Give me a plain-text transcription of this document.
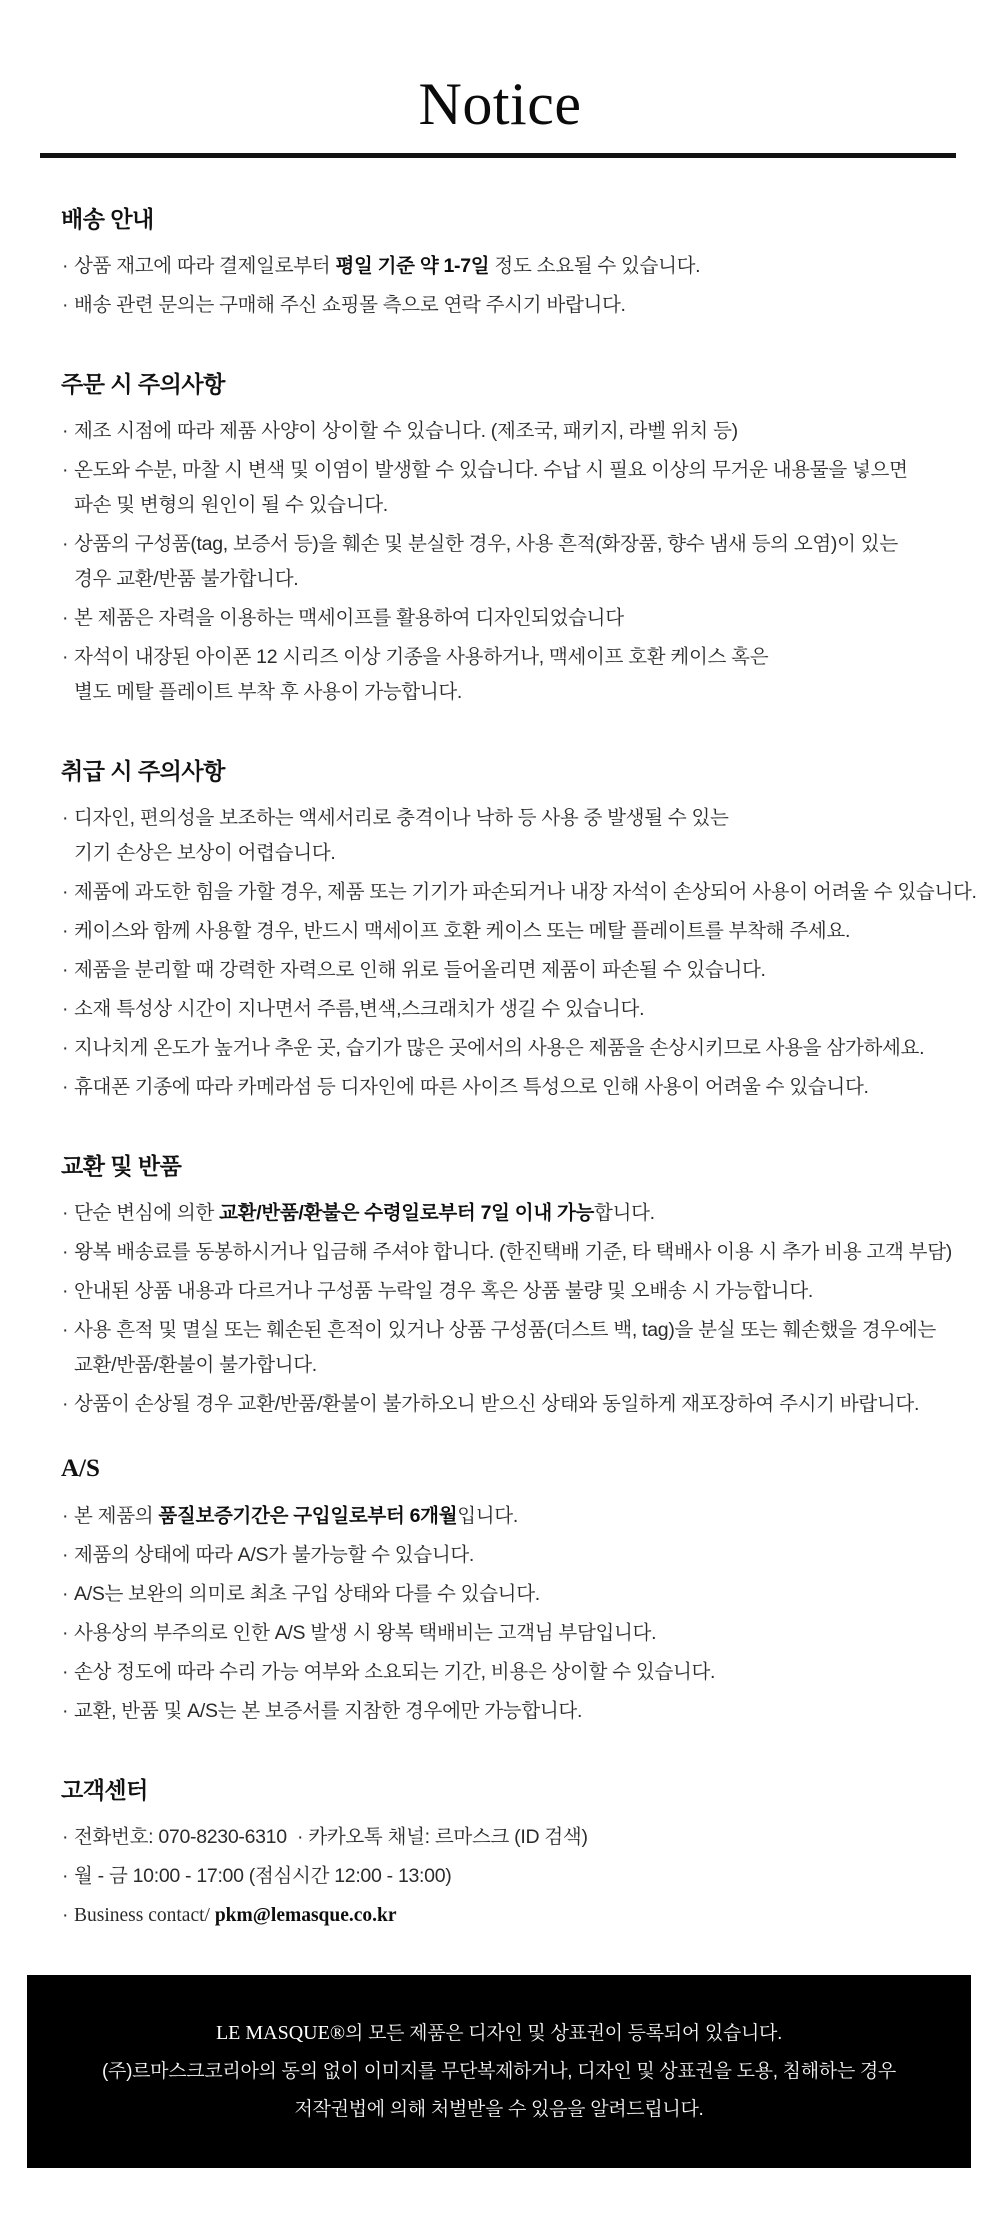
Notice
배송 안내
· 상품 재고에 따라 결제일로부터 평일 기준 약 1-7일 정도 소요될 수 있습니다.
· 배송 관련 문의는 구매해 주신 쇼핑몰 측으로 연락 주시기 바랍니다.
주문 시 주의사항
· 제조 시점에 따라 제품 사양이 상이할 수 있습니다. (제조국, 패키지, 라벨 위치 등)
· 온도와 수분, 마찰 시 변색 및 이염이 발생할 수 있습니다. 수납 시 필요 이상의 무거운 내용물을 넣으면
파손 및 변형의 원인이 될 수 있습니다.
· 상품의 구성품(tag, 보증서 등)을 훼손 및 분실한 경우, 사용 흔적(화장품, 향수 냄새 등의 오염)이 있는
경우 교환/반품 불가합니다.
· 본 제품은 자력을 이용하는 맥세이프를 활용하여 디자인되었습니다
· 자석이 내장된 아이폰 12 시리즈 이상 기종을 사용하거나, 맥세이프 호환 케이스 혹은
별도 메탈 플레이트 부착 후 사용이 가능합니다.
취급 시 주의사항
· 디자인, 편의성을 보조하는 액세서리로 충격이나 낙하 등 사용 중 발생될 수 있는
기기 손상은 보상이 어렵습니다.
· 제품에 과도한 힘을 가할 경우, 제품 또는 기기가 파손되거나 내장 자석이 손상되어 사용이 어려울 수 있습니다.
· 케이스와 함께 사용할 경우, 반드시 맥세이프 호환 케이스 또는 메탈 플레이트를 부착해 주세요.
· 제품을 분리할 때 강력한 자력으로 인해 위로 들어올리면 제품이 파손될 수 있습니다.
· 소재 특성상 시간이 지나면서 주름,변색,스크래치가 생길 수 있습니다.
· 지나치게 온도가 높거나 추운 곳, 습기가 많은 곳에서의 사용은 제품을 손상시키므로 사용을 삼가하세요.
· 휴대폰 기종에 따라 카메라섬 등 디자인에 따른 사이즈 특성으로 인해 사용이 어려울 수 있습니다.
교환 및 반품
· 단순 변심에 의한 교환/반품/환불은 수령일로부터 7일 이내 가능합니다.
· 왕복 배송료를 동봉하시거나 입금해 주셔야 합니다. (한진택배 기준, 타 택배사 이용 시 추가 비용 고객 부담)
· 안내된 상품 내용과 다르거나 구성품 누락일 경우 혹은 상품 불량 및 오배송 시 가능합니다.
· 사용 흔적 및 멸실 또는 훼손된 흔적이 있거나 상품 구성품(더스트 백, tag)을 분실 또는 훼손했을 경우에는
교환/반품/환불이 불가합니다.
· 상품이 손상될 경우 교환/반품/환불이 불가하오니 받으신 상태와 동일하게 재포장하여 주시기 바랍니다.
A/S
· 본 제품의 품질보증기간은 구입일로부터 6개월입니다.
· 제품의 상태에 따라 A/S가 불가능할 수 있습니다.
· A/S는 보완의 의미로 최초 구입 상태와 다를 수 있습니다.
· 사용상의 부주의로 인한 A/S 발생 시 왕복 택배비는 고객님 부담입니다.
· 손상 정도에 따라 수리 가능 여부와 소요되는 기간, 비용은 상이할 수 있습니다.
· 교환, 반품 및 A/S는 본 보증서를 지참한 경우에만 가능합니다.
고객센터
· 전화번호: 070-8230-6310  · 카카오톡 채널: 르마스크 (ID 검색)
· 월 - 금 10:00 - 17:00 (점심시간 12:00 - 13:00)
· Business contact/ pkm@lemasque.co.kr
LE MASQUE®의 모든 제품은 디자인 및 상표권이 등록되어 있습니다.
(주)르마스크코리아의 동의 없이 이미지를 무단복제하거나, 디자인 및 상표권을 도용, 침해하는 경우
저작권법에 의해 처벌받을 수 있음을 알려드립니다.
